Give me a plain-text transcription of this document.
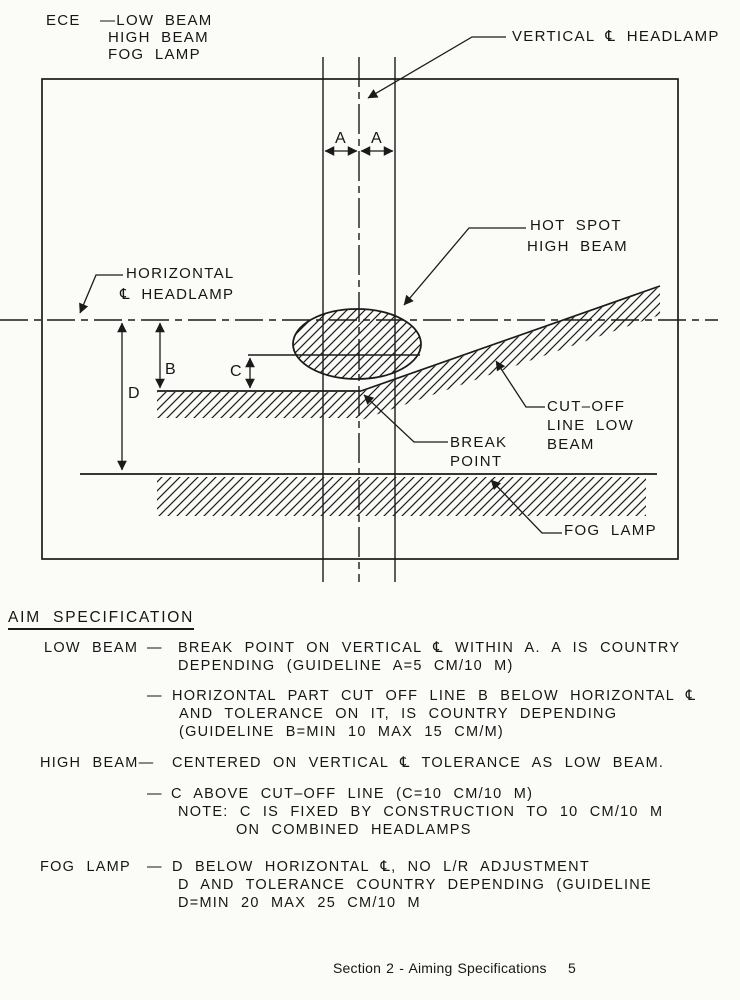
ECE —LOW BEAM
HIGH BEAM
FOG LAMP
VERTICAL ℄ HEADLAMP
HOT SPOT
HIGH BEAM
HORIZONTAL
℄ HEADLAMP
CUT–OFF
LINE LOW
BEAM
BREAK
POINT
FOG LAMP
A A
B	C
D
AIM SPECIFICATION
LOW BEAM — BREAK POINT ON VERTICAL ℄ WITHIN A. A IS COUNTRY
DEPENDING (GUIDELINE A=5 CM/10 M)
— HORIZONTAL PART CUT OFF LINE B BELOW HORIZONTAL ℄
AND TOLERANCE ON IT, IS COUNTRY DEPENDING
(GUIDELINE B=MIN 10 MAX 15 CM/M)
HIGH BEAM— CENTERED ON VERTICAL ℄ TOLERANCE AS LOW BEAM.
— C ABOVE CUT–OFF LINE (C=10 CM/10 M)
NOTE: C IS FIXED BY CONSTRUCTION TO 10 CM/10 M
ON COMBINED HEADLAMPS
FOG LAMP — D BELOW HORIZONTAL ℄, NO L/R ADJUSTMENT
D AND TOLERANCE COUNTRY DEPENDING (GUIDELINE
D=MIN 20 MAX 25 CM/10 M
Section 2 - Aiming Specifications 5
